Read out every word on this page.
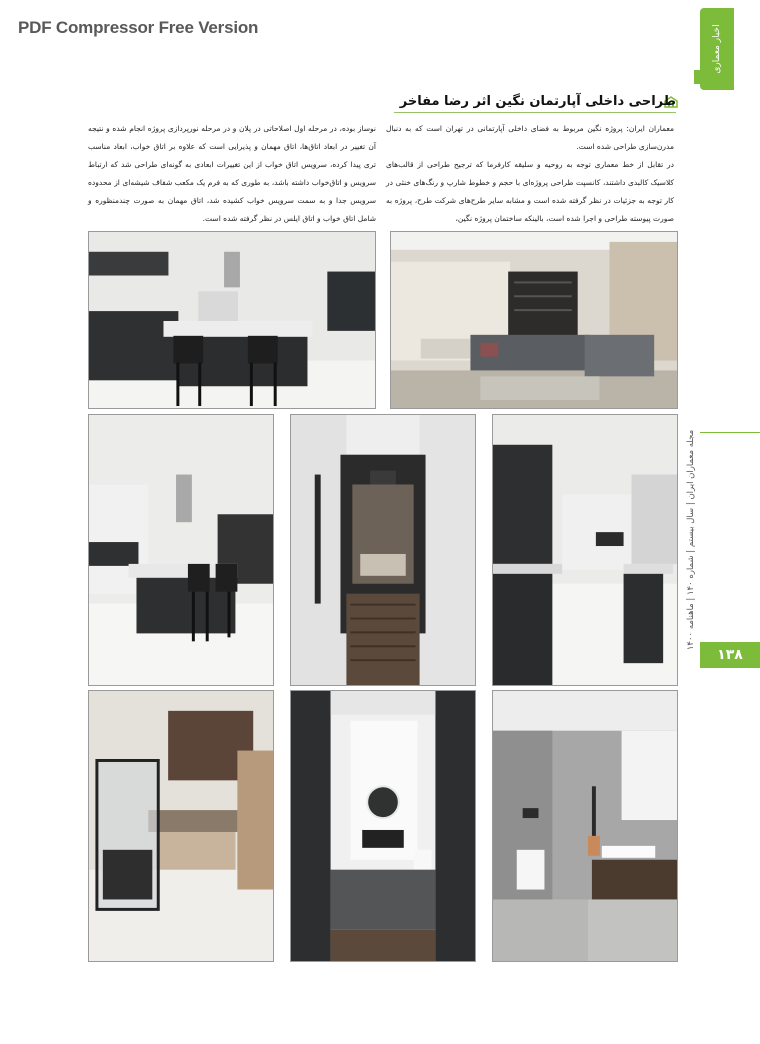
PDF Compressor Free Version	اخبار معماری
طراحی داخلی آپارتمان نگین اثر رضا مفاخر

معماران ایران: پروژه نگین مربوط به فضای داخلی آپارتمانی در تهران است که به دنبال مدرن‌سازی طراحی شده است.

در تقابل از خط معماری توجه به روحیه و سلیقه کارفرما که ترجیح طراحی از قالب‌های کلاسیک کالبدی داشتند، کانسپت طراحی پروژه‌ای با حجم و خطوط شارپ و رنگ‌های خنثی در کار توجه به جزئیات در نظر گرفته شده است و مشابه سایر طرح‌های شرکت طرح، پروژه به صورت پیوسته طراحی و اجرا شده است، بالینکه ساختمان پروژه نگین،

نوساز بوده، در مرحله اول اصلاحاتی در پلان و در مرحله نورپردازی پروژه انجام شده و نتیجه آن تغییر در ابعاد اتاق‌ها، اتاق مهمان و پذیرایی است که علاوه بر اتاق خواب، ابعاد مناسب تری پیدا کرده، سرویس اتاق خواب از این تغییرات ابعادی به گونه‌ای طراحی شد که ارتباط سرویس و اتاق‌خواب داشته باشد، به طوری که به فرم یک مکعب شفاف شیشه‌ای از محدوده سرویس جدا و به سمت سرویس خواب کشیده شد، اتاق مهمان به صورت چندمنظوره و شامل اتاق خواب و اتاق ایلس در نظر گرفته شده است.

مجله معماران ایران | سال بیستم | شماره ۱۴۰ | ماهنامه ۱۴۰۰
۱۳۸
